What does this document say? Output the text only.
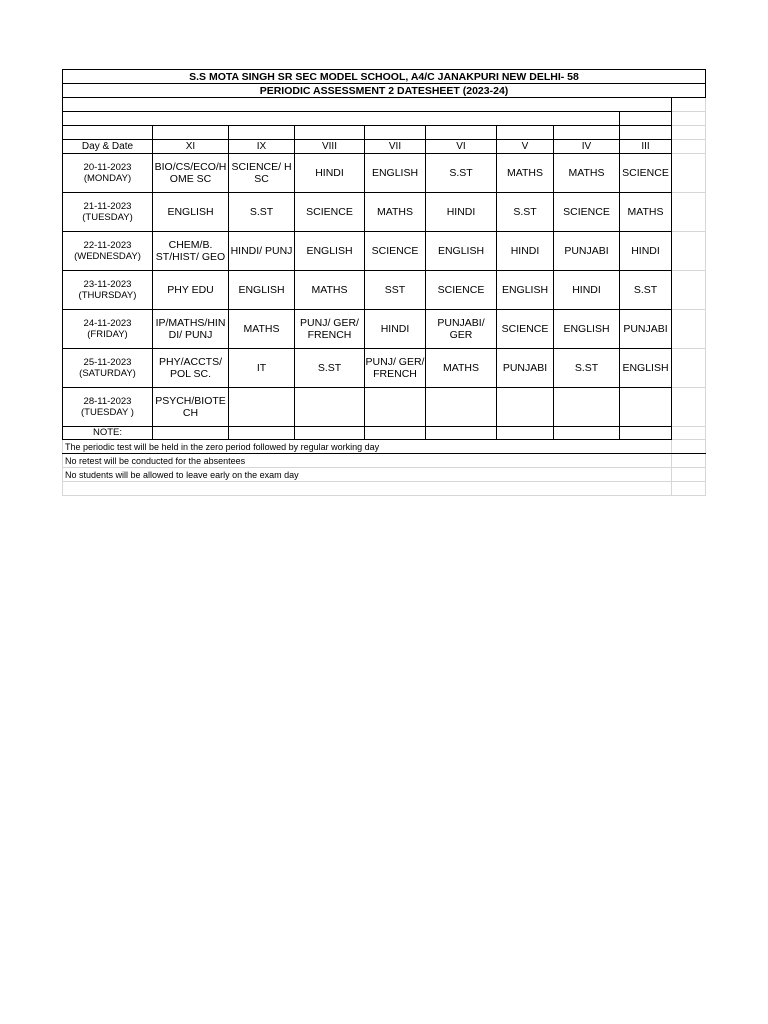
S.S MOTA SINGH SR SEC MODEL SCHOOL, A4/C JANAKPURI NEW DELHI- 58									
PERIODIC ASSESSMENT 2 DATESHEET (2023-24)									

Day & Date	XI	IX	VIII	VII	VI	V	IV	III	

20-11-2023
(MONDAY)	BIO/CS/ECO/H OME SC	SCIENCE/ H SC	HINDI	ENGLISH	S.ST	MATHS	MATHS	SCIENCE	

21-11-2023
(TUESDAY)	ENGLISH	S.ST	SCIENCE	MATHS	HINDI	S.ST	SCIENCE	MATHS	

22-11-2023
(WEDNESDAY)	CHEM/B. ST/HIST/ GEO	HINDI/ PUNJ	ENGLISH	SCIENCE	ENGLISH	HINDI	PUNJABI	HINDI	

23-11-2023
(THURSDAY)	PHY EDU	ENGLISH	MATHS	SST	SCIENCE	ENGLISH	HINDI	S.ST	

24-11-2023
(FRIDAY)	IP/MATHS/HIN DI/ PUNJ	MATHS	PUNJ/ GER/ FRENCH	HINDI	PUNJABI/ GER	SCIENCE	ENGLISH	PUNJABI	

25-11-2023
(SATURDAY)	PHY/ACCTS/ POL SC.	IT	S.ST	PUNJ/ GER/ FRENCH	MATHS	PUNJABI	S.ST	ENGLISH	

28-11-2023
(TUESDAY )	PSYCH/BIOTE CH								
NOTE:									
The periodic test will be held in the zero period followed by regular working day									
No retest will be conducted for the absentees									
No students will be allowed to leave early on the exam day									
